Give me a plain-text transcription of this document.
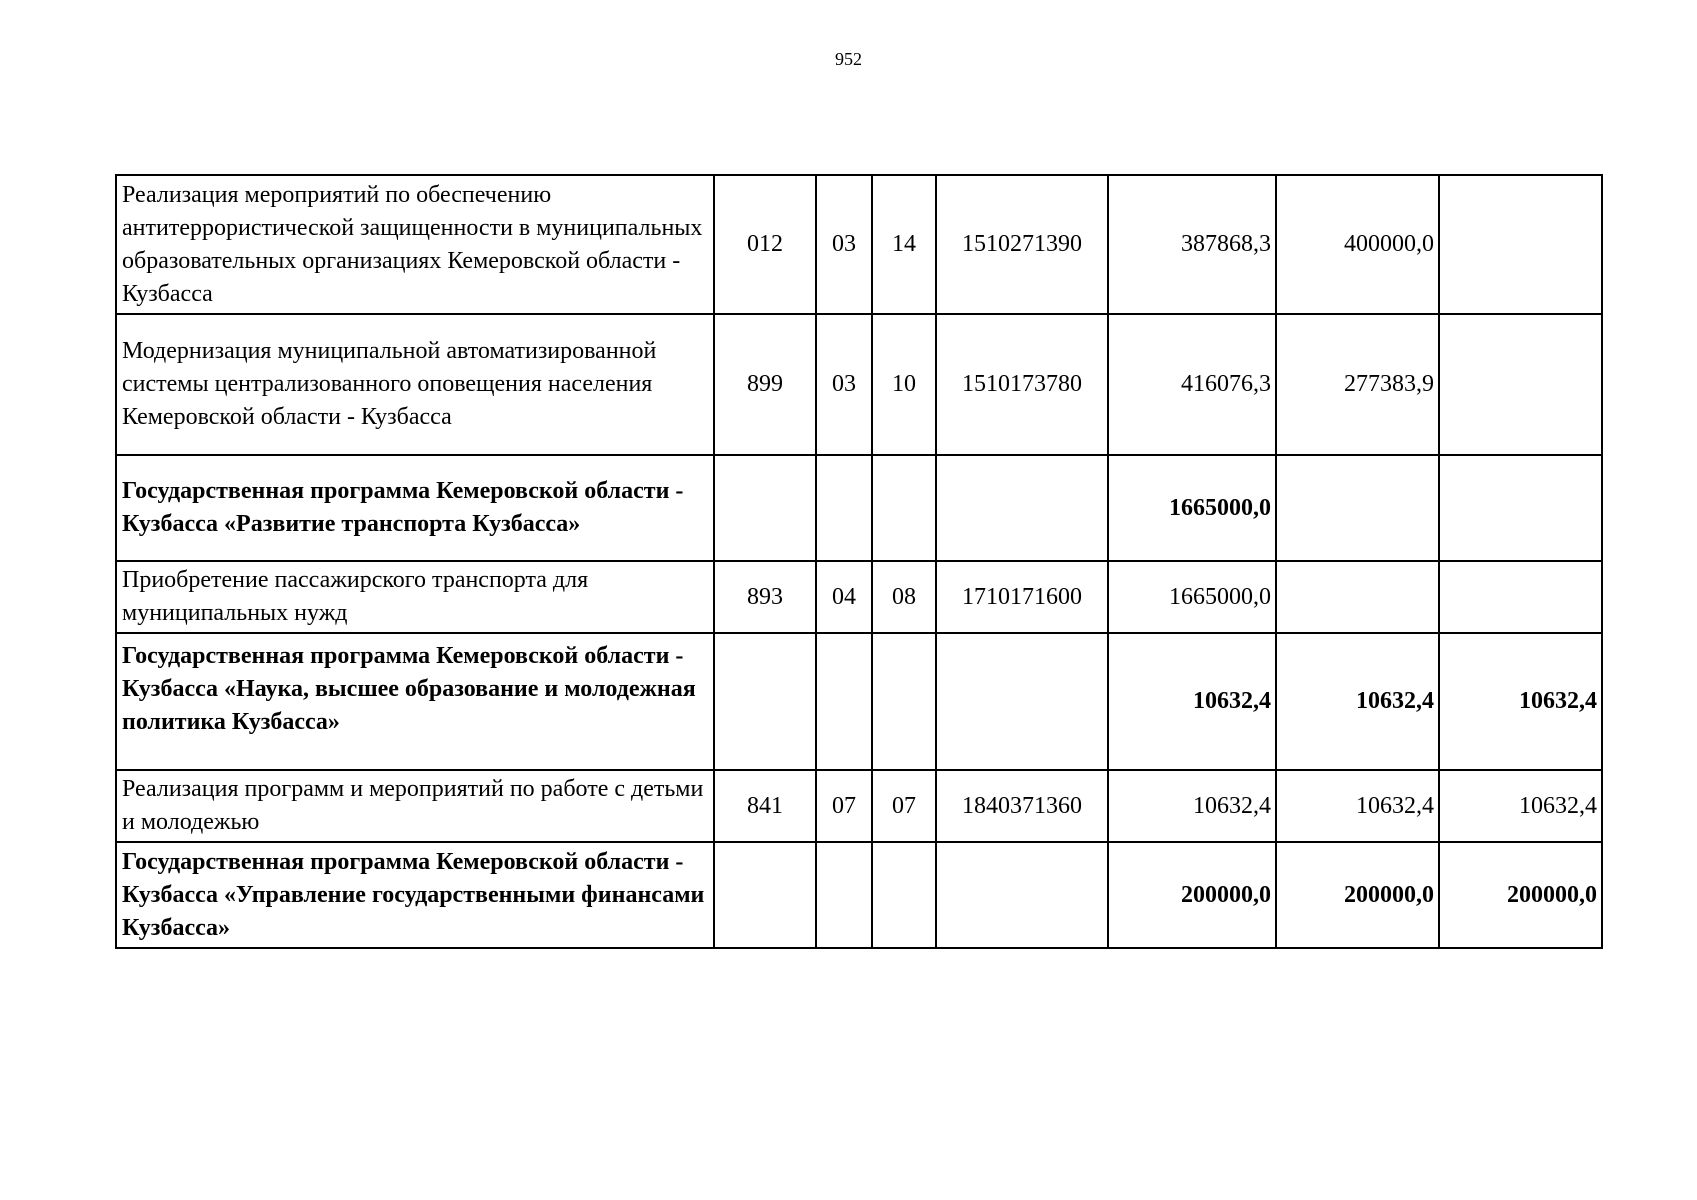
952
Реализация мероприятий по обеспечению антитеррористической защищенности в муниципальных образовательных организациях Кемеровской области - Кузбасса	012	03	14	1510271390	387868,3	400000,0	
Модернизация муниципальной автоматизированной системы централизованного оповещения населения Кемеровской области - Кузбасса	899	03	10	1510173780	416076,3	277383,9	
Государственная программа Кемеровской области - Кузбасса «Развитие транспорта Кузбасса»					1665000,0		
Приобретение пассажирского транспорта для муниципальных нужд	893	04	08	1710171600	1665000,0		
Государственная программа Кемеровской области - Кузбасса «Наука, высшее образование и молодежная политика Кузбасса»					10632,4	10632,4	10632,4
Реализация программ и мероприятий по работе с детьми и молодежью	841	07	07	1840371360	10632,4	10632,4	10632,4
Государственная программа Кемеровской области - Кузбасса «Управление государственными финансами Кузбасса»					200000,0	200000,0	200000,0
